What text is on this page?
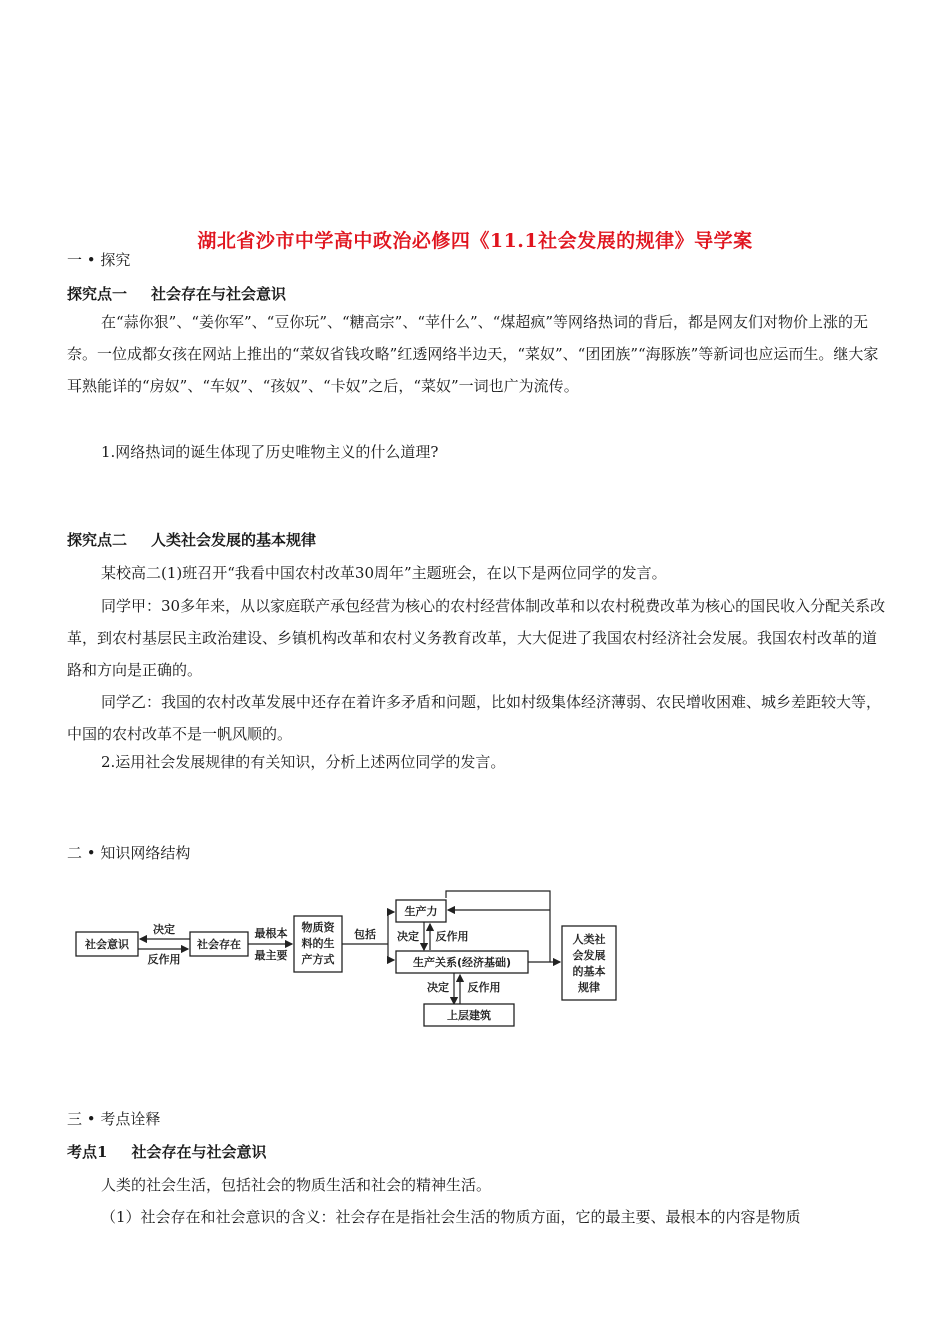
湖北省沙市中学高中政治必修四《11.1社会发展的规律》导学案
一 • 探究
探究点一 社会存在与社会意识
在“蒜你狠”、“姜你军”、“豆你玩”、“糖高宗”、“苹什么”、“煤超疯”等网络热词的背后，都是网友们对物价上涨的无奈。一位成都女孩在网站上推出的“菜奴省钱攻略”红透网络半边天，“菜奴”、“团团族”“海豚族”等新词也应运而生。继大家耳熟能详的“房奴”、“车奴”、“孩奴”、“卡奴”之后，“菜奴”一词也广为流传。
1.网络热词的诞生体现了历史唯物主义的什么道理?
探究点二 人类社会发展的基本规律
某校高二(1)班召开“我看中国农村改革30周年”主题班会，在以下是两位同学的发言。
同学甲：30多年来，从以家庭联产承包经营为核心的农村经营体制改革和以农村税费改革为核心的国民收入分配关系改革，到农村基层民主政治建设、乡镇机构改革和农村义务教育改革，大大促进了我国农村经济社会发展。我国农村改革的道路和方向是正确的。
同学乙：我国的农村改革发展中还存在着许多矛盾和问题，比如村级集体经济薄弱、农民增收困难、城乡差距较大等，中国的农村改革不是一帆风顺的。
2.运用社会发展规律的有关知识，分析上述两位同学的发言。
二 • 知识网络结构
社会意识
决定
反作用
社会存在
最根本
最主要
物质资
料的生
产方式
包括
生产力
决定 反作用
生产关系(经济基础)
人类社
会发展
的基本
规律
决定 反作用
上层建筑
三 • 考点诠释
考点1 社会存在与社会意识
人类的社会生活，包括社会的物质生活和社会的精神生活。
（1）社会存在和社会意识的含义：社会存在是指社会生活的物质方面，它的最主要、最根本的内容是物质
